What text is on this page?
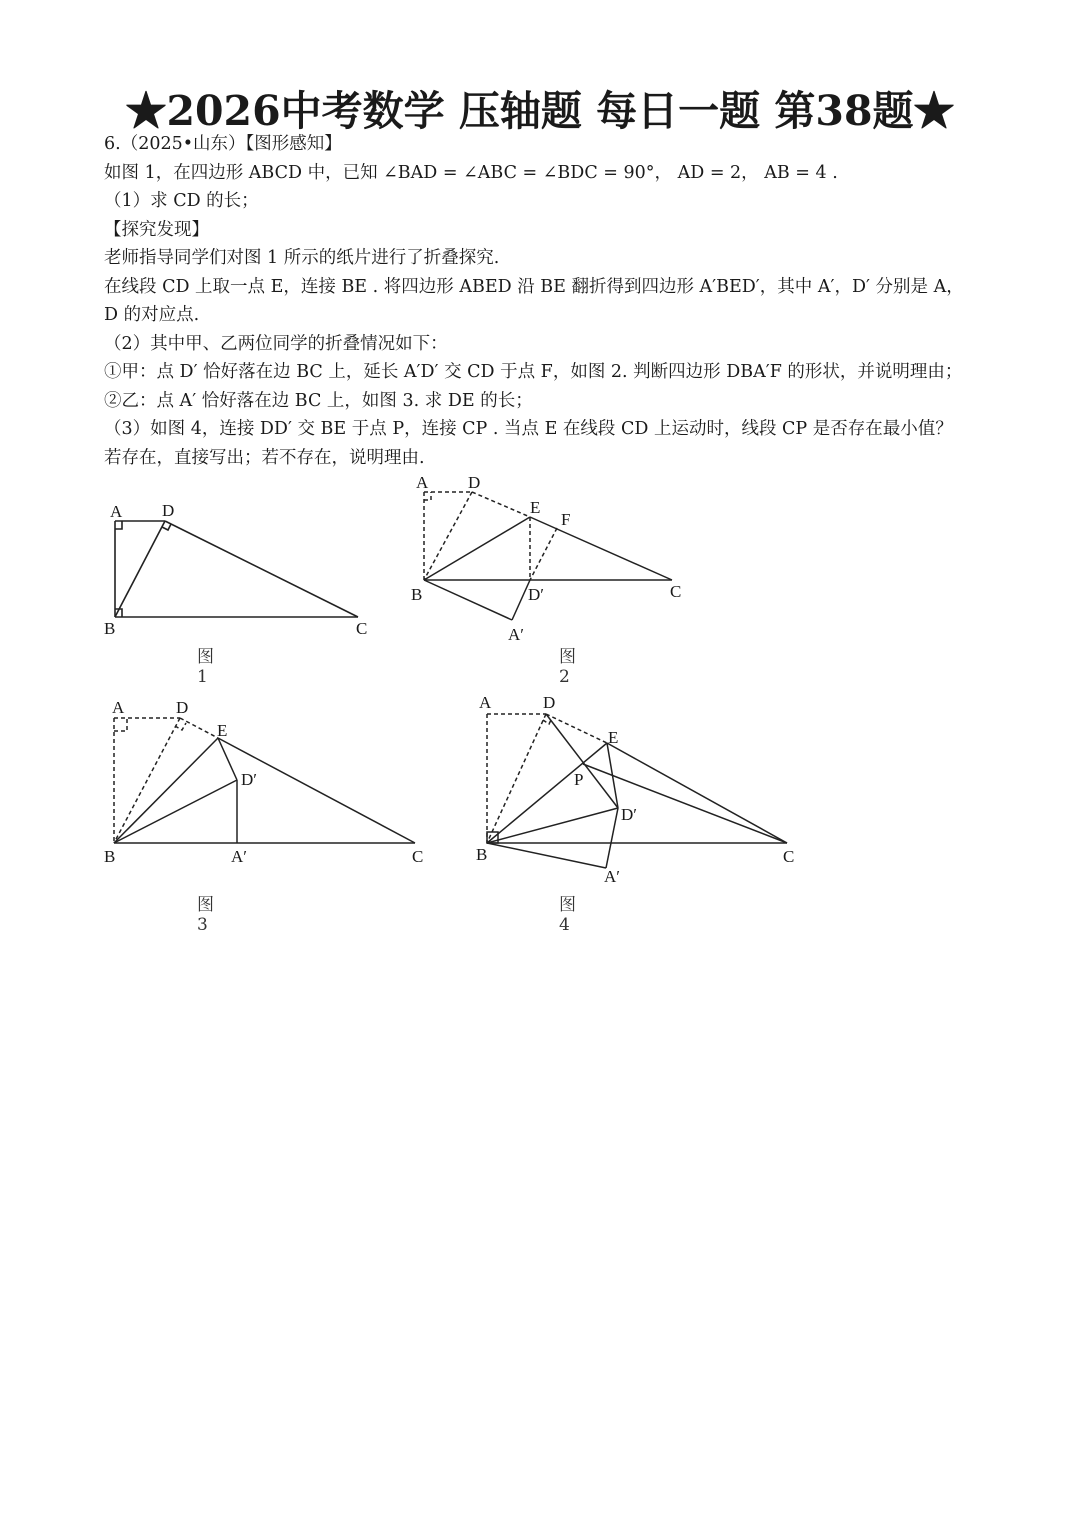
★2026中考数学 压轴题 每日一题 第38题★
6.（2025•山东）【图形感知】
如图 1，在四边形 ABCD 中，已知 ∠BAD = ∠ABC = ∠BDC = 90°， AD = 2， AB = 4 .
（1）求 CD 的长；
【探究发现】
老师指导同学们对图 1 所示的纸片进行了折叠探究.
在线段 CD 上取一点 E，连接 BE . 将四边形 ABED 沿 BE 翻折得到四边形 A′BED′，其中 A′，D′ 分别是 A，
D 的对应点.
（2）其中甲、乙两位同学的折叠情况如下：
①甲：点 D′ 恰好落在边 BC 上，延长 A′D′ 交 CD 于点 F，如图 2. 判断四边形 DBA′F 的形状，并说明理由；
②乙：点 A′ 恰好落在边 BC 上，如图 3. 求 DE 的长；
（3）如图 4，连接 DD′ 交 BE 于点 P，连接 CP . 当点 E 在线段 CD 上运动时，线段 CP 是否存在最小值？
若存在，直接写出；若不存在，说明理由.
A D
B	C
图1
A D
E
F
B	D′	C
A′
图2
A	D
E
D′
B	A′	C
图3
A	D
E
P
D′
B
A′
C
图4
